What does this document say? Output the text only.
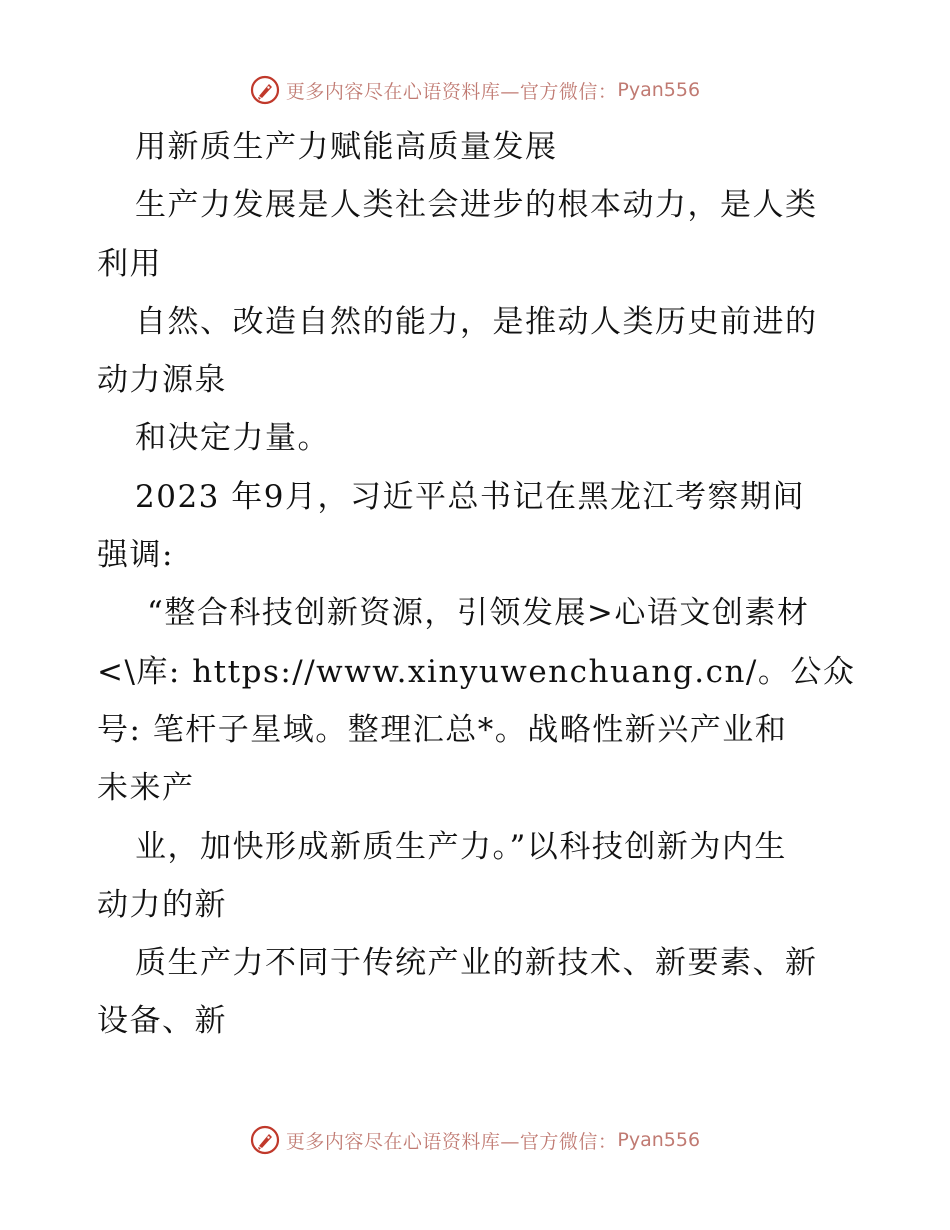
更多内容尽在心语资料库—官方微信： Pyan556
用新质生产力赋能高质量发展
生产力发展是人类社会进步的根本动力，是人类
利用
自然、改造自然的能力，是推动人类历史前进的
动力源泉
和决定力量。
2023 年9月，习近平总书记在黑龙江考察期间
强调:
“整合科技创新资源，引领发展>心语文创素材
<\库: https://www.xinyuwenchuang.cn/。公众
号: 笔杆子星域。整理汇总*。战略性新兴产业和
未来产
业，加快形成新质生产力。”以科技创新为内生
动力的新
质生产力不同于传统产业的新技术、新要素、新
设备、新
更多内容尽在心语资料库—官方微信： Pyan556
